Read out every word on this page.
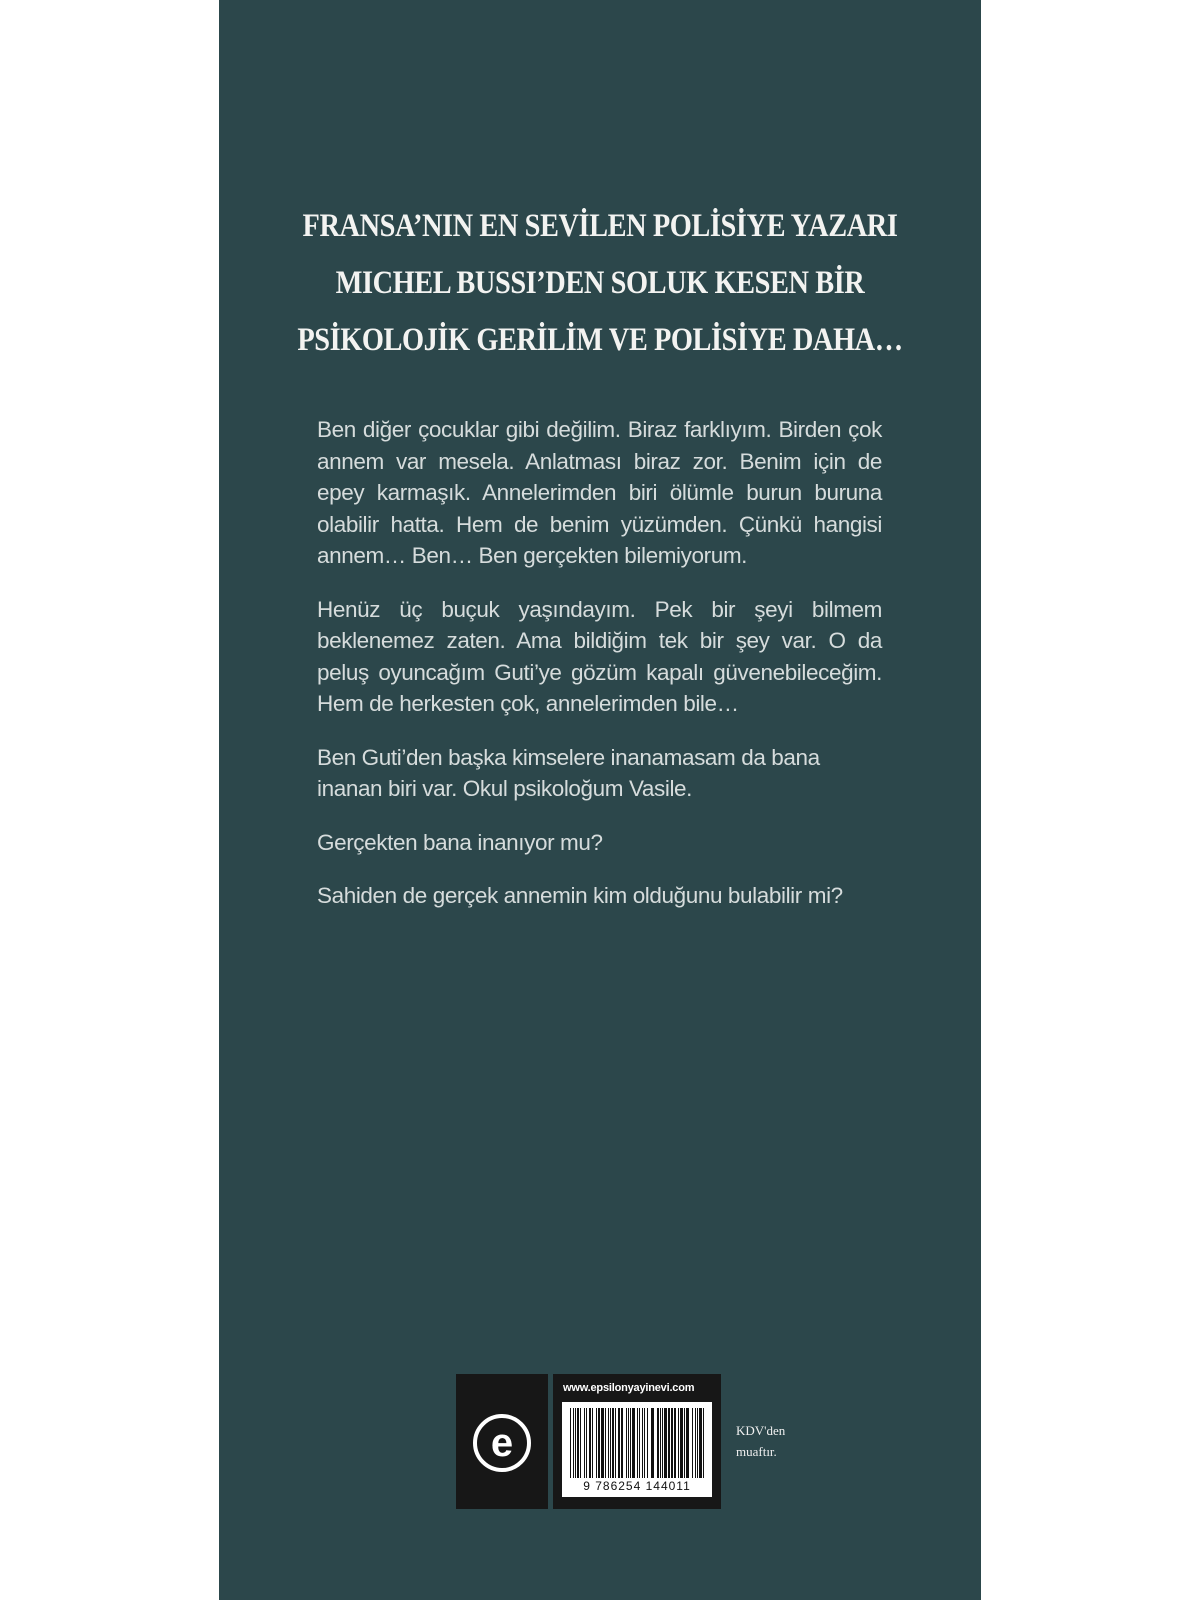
FRANSA’NIN EN SEVİLEN POLİSİYE YAZARI
MICHEL BUSSI’DEN SOLUK KESEN BİR
PSİKOLOJİK GERİLİM VE POLİSİYE DAHA…

Ben diğer çocuklar gibi değilim. Biraz farklıyım. Birden çok annem var mesela. Anlatması biraz zor. Benim için de epey karmaşık. Annelerimden biri ölümle burun buruna olabilir hatta. Hem de benim yüzümden. Çünkü hangisi annem… Ben… Ben gerçekten bilemiyorum.

Henüz üç buçuk yaşındayım. Pek bir şeyi bilmem beklenemez zaten. Ama bildiğim tek bir şey var. O da peluş oyuncağım Guti’ye gözüm kapalı güvenebileceğim. Hem de herkesten çok, annelerimden bile…

Ben Guti’den başka kimselere inanamasam da bana inanan biri var. Okul psikoloğum Vasile.

Gerçekten bana inanıyor mu?

Sahiden de gerçek annemin kim olduğunu bulabilir mi?

e
www.epsilonyayinevi.com
9 786254 144011
KDV'den
muaftır.
